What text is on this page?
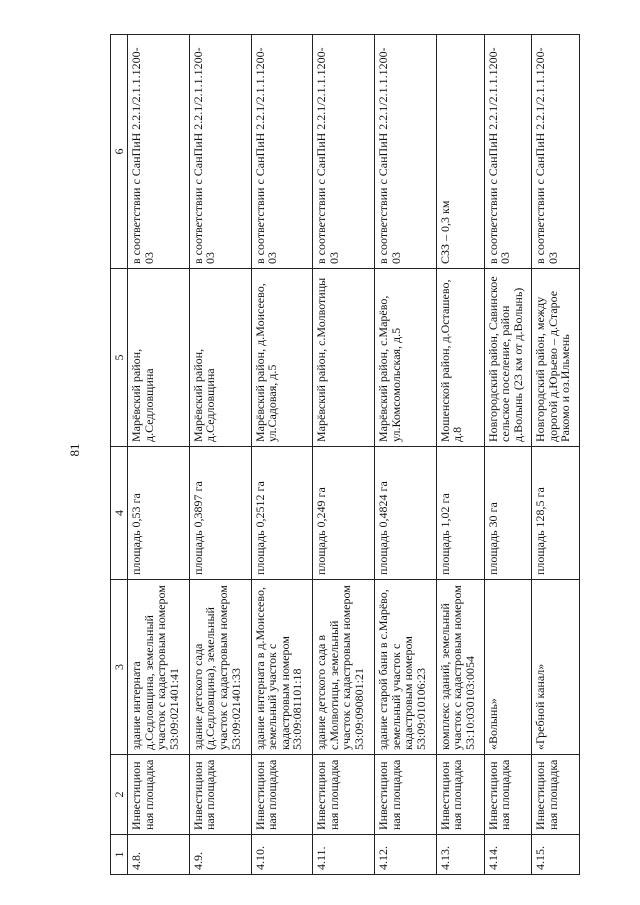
81
1	2	3	4	5	6
4.8.	Инвестиционная площадка	здание интерната д.Седловщина, земельный участок с кадастровым номером 53:09:021401:41	площадь 0,53 га	Марёвский район, д.Седловщина	в соответствии с СанПиН 2.2.1/2.1.1.1200-03
4.9.	Инвестиционная площадка	здание детского сада (д.Седловщина), земельный участок с кадастровым номером 53:09:021401:33	площадь 0,3897 га	Марёвский район, д.Седловщина	в соответствии с СанПиН 2.2.1/2.1.1.1200-03
4.10.	Инвестиционная площадка	здание интерната в д.Моисеево, земельный участок с кадастровым номером 53:09:081101:18	площадь 0,2512 га	Марёвский район, д.Моисеево, ул.Садовая, д.5	в соответствии с СанПиН 2.2.1/2.1.1.1200-03
4.11.	Инвестиционная площадка	здание детского сада в с.Молвотицы, земельный участок с кадастровым номером 53:09:090801:21	площадь 0,249 га	Марёвский район, с.Молвотицы	в соответствии с СанПиН 2.2.1/2.1.1.1200-03
4.12.	Инвестиционная площадка	здание старой бани в с.Марёво, земельный участок с кадастровым номером 53:09:010106:23	площадь 0,4824 га	Марёвский район, с.Марёво, ул.Комсомольская, д.5	в соответствии с СанПиН 2.2.1/2.1.1.1200-03
4.13.	Инвестиционная площадка	комплекс зданий, земельный участок с кадастровым номером 53:10:030103:0054	площадь 1,02 га	Мошенской район, д.Осташево, д.8	СЗЗ – 0,3 км
4.14.	Инвестиционная площадка	«Волынь»	площадь 30 га	Новгородский район, Савинское сельское поселение, район д.Волынь (23 км от д.Волынь)	в соответствии с СанПиН 2.2.1/2.1.1.1200-03
4.15.	Инвестиционная площадка	«Гребной канал»	площадь 128,5 га	Новгородский район, между дорогой д.Юрьево – д.Старое Ракомо и оз.Ильмень	в соответствии с СанПиН 2.2.1/2.1.1.1200-03
